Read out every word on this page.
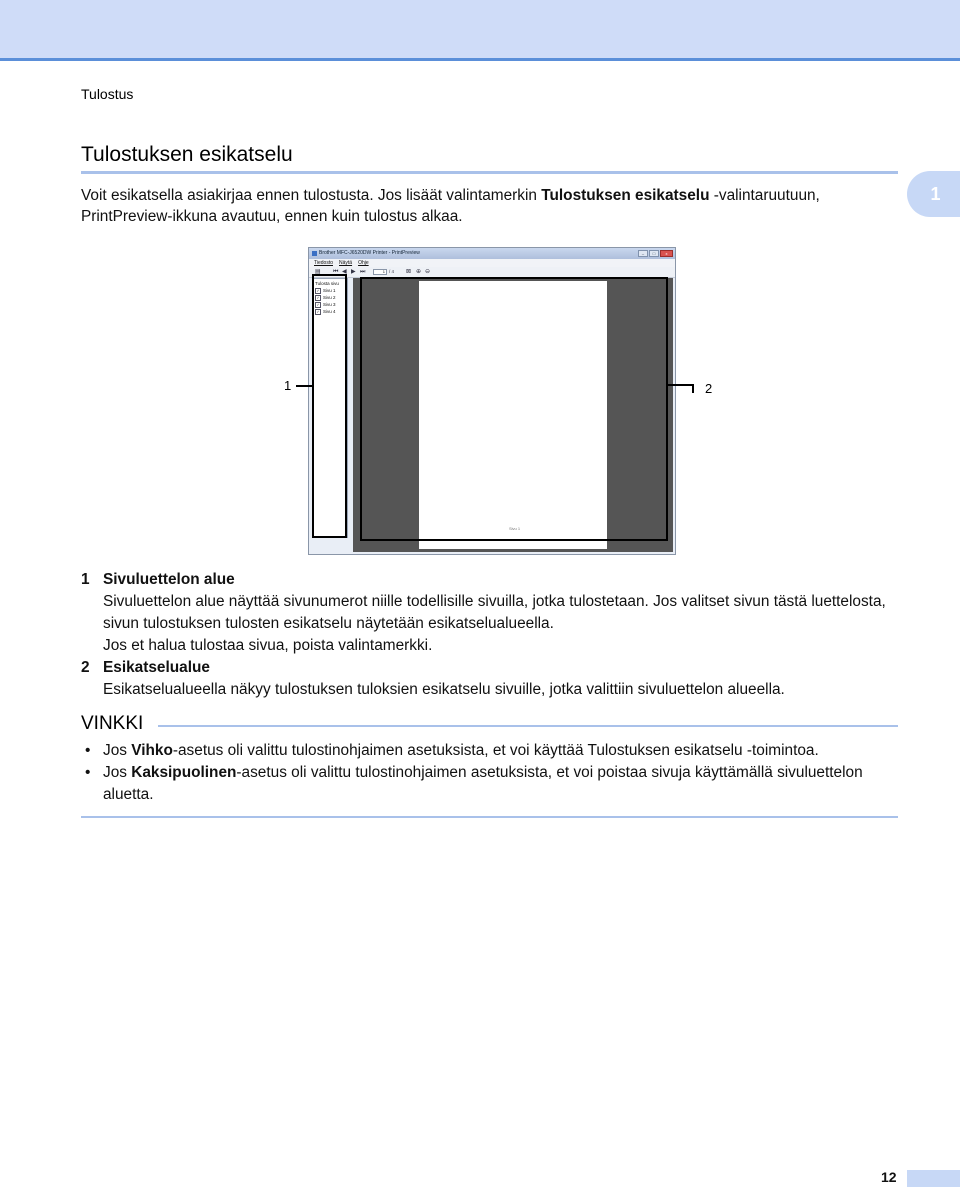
Tulostus
Tulostuksen esikatselu
1

Voit esikatsella asiakirjaa ennen tulostusta. Jos lisäät valintamerkin Tulostuksen esikatselu -valintaruutuun, PrintPreview-ikkuna avautuu, ennen kuin tulostus alkaa.

Brother MFC-J6520DW Printer - PrintPreview	–	□	x
Tiedosto Näytä Ohje
▤ ⏮ ◀ ▶ ⏭	1 / 4 ⊠ ⊕ ⊖
Tulosta sivu
✓ Sivu 1
✓ Sivu 2
✓ Sivu 3
✓ Sivu 4
Sivu 1
1	2
1 Sivuluettelon alue

Sivuluettelon alue näyttää sivunumerot niille todellisille sivuilla, jotka tulostetaan. Jos valitset sivun tästä luettelosta, sivun tulostuksen tulosten esikatselu näytetään esikatselualueella.

Jos et halua tulostaa sivua, poista valintamerkki.

2 Esikatselualue

Esikatselualueella näkyy tulostuksen tuloksien esikatselu sivuille, jotka valittiin sivuluettelon alueella.

VINKKI
• Jos Vihko-asetus oli valittu tulostinohjaimen asetuksista, et voi käyttää Tulostuksen esikatselu -toimintoa.
• Jos Kaksipuolinen-asetus oli valittu tulostinohjaimen asetuksista, et voi poistaa sivuja käyttämällä sivuluettelon aluetta.
12
